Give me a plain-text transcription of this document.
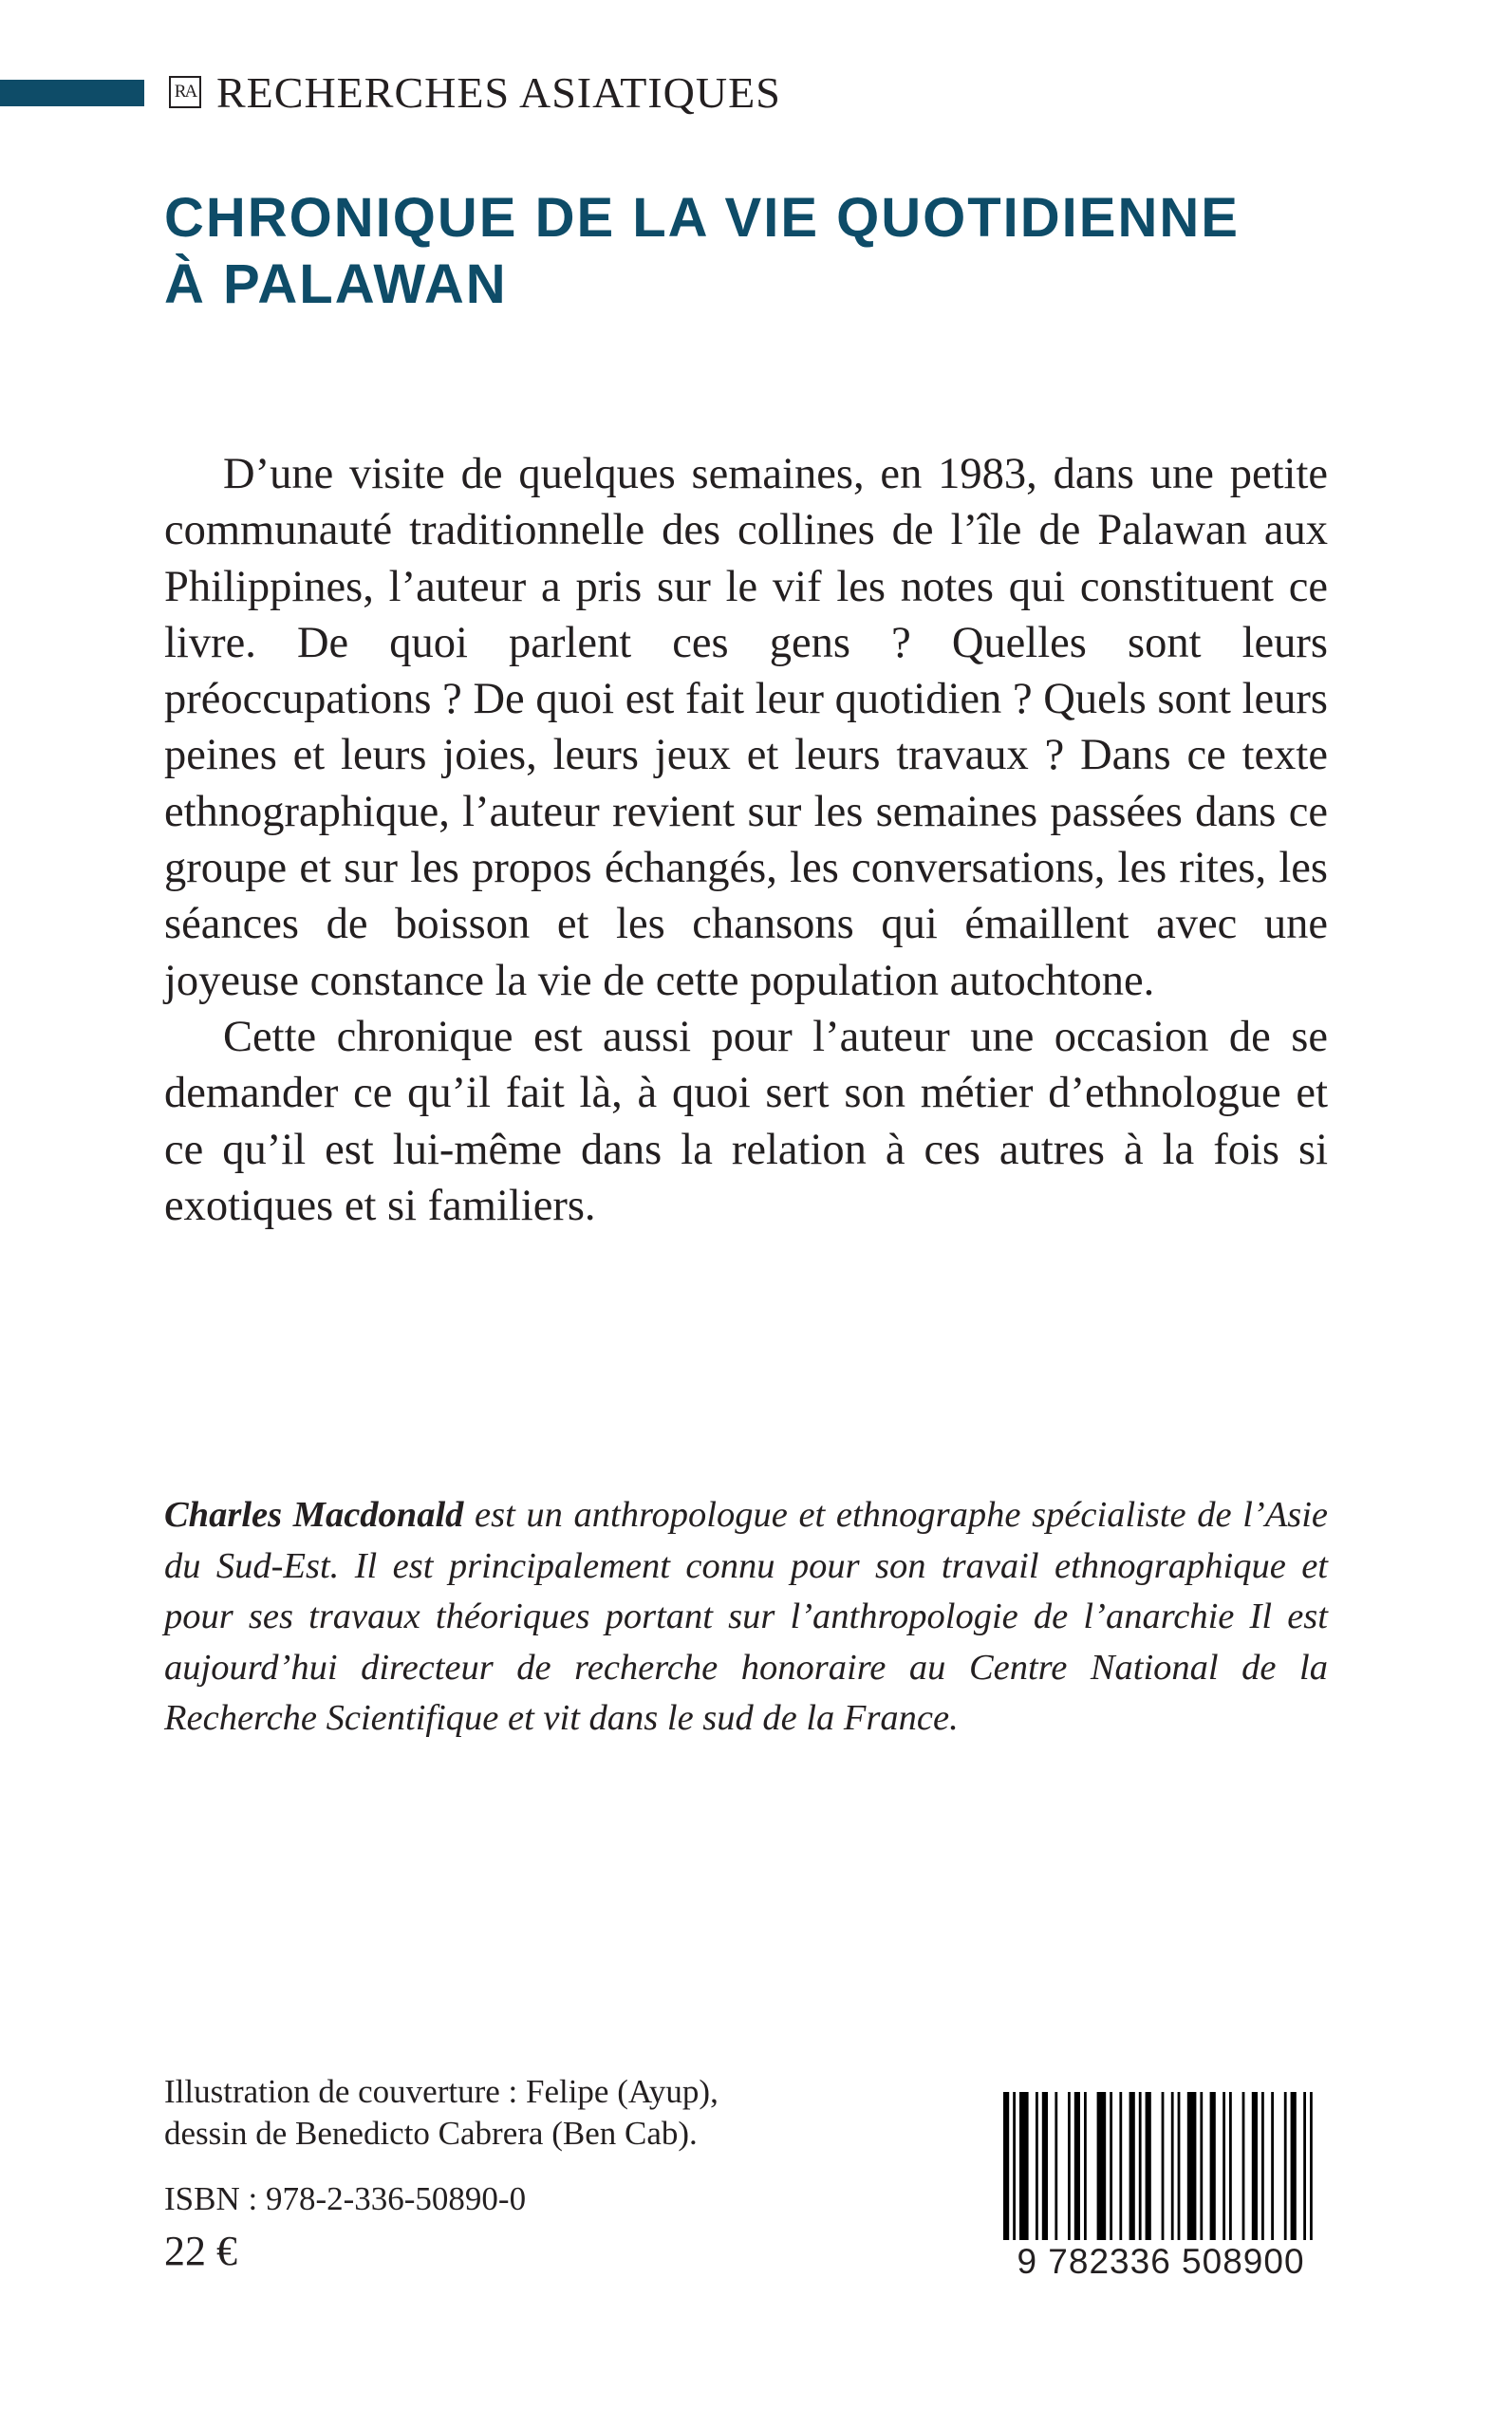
RA RECHERCHES ASIATIQUES
CHRONIQUE DE LA VIE QUOTIDIENNE
À PALAWAN

D’une visite de quelques semaines, en 1983, dans une petite communauté traditionnelle des collines de l’île de Palawan aux Philippines, l’auteur a pris sur le vif les notes qui constituent ce livre. De quoi parlent ces gens ? Quelles sont leurs préoccupations ? De quoi est fait leur quotidien ? Quels sont leurs peines et leurs joies, leurs jeux et leurs travaux ? Dans ce texte ethnographique, l’auteur revient sur les semaines passées dans ce groupe et sur les propos échangés, les conversations, les rites, les séances de boisson et les chansons qui émaillent avec une joyeuse constance la vie de cette population autochtone.

Cette chronique est aussi pour l’auteur une occasion de se demander ce qu’il fait là, à quoi sert son métier d’ethnologue et ce qu’il est lui-même dans la relation à ces autres à la fois si exotiques et si familiers.

Charles Macdonald est un anthropologue et ethnographe spécialiste de l’Asie du Sud-Est. Il est principalement connu pour son travail ethnographique et pour ses travaux théoriques portant sur l’anthropologie de l’anarchie Il est aujourd’hui directeur de recherche honoraire au Centre National de la Recherche Scientifique et vit dans le sud de la France.

Illustration de couverture : Felipe (Ayup),
dessin de Benedicto Cabrera (Ben Cab).
ISBN : 978-2-336-50890-0
22 €	9 782336 508900
